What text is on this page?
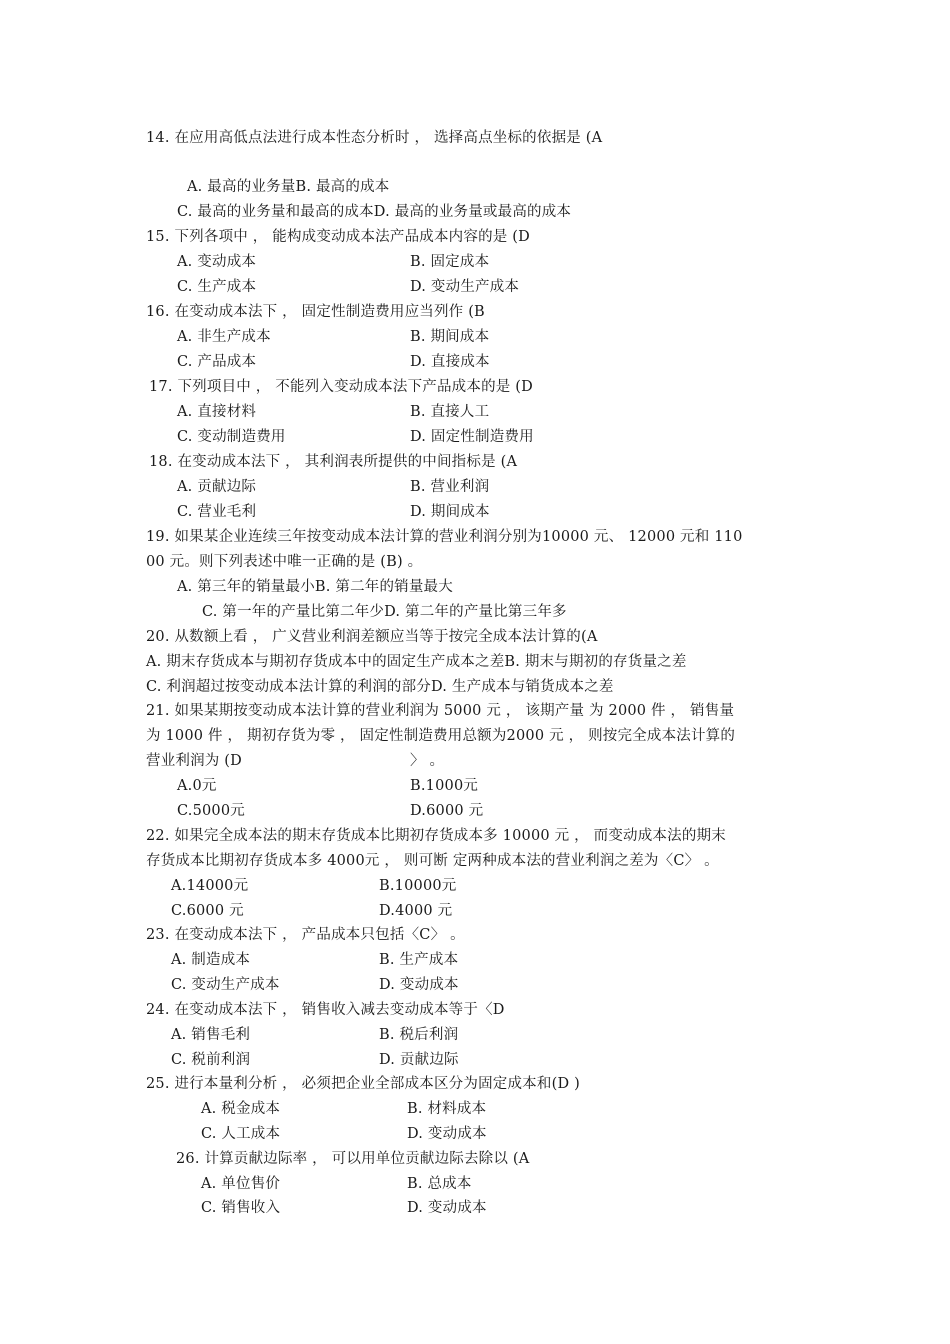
14. 在应用高低点法进行成本性态分析时 ， 选择高点坐标的依据是 (A
A. 最高的业务量B. 最高的成本
C. 最高的业务量和最高的成本D. 最高的业务量或最高的成本
15. 下列各项中 ， 能构成变动成本法产品成本内容的是 (D
A. 变动成本	B. 固定成本
C. 生产成本	D. 变动生产成本
16. 在变动成本法下 ， 固定性制造费用应当列作 (B
A. 非生产成本	B. 期间成本
C. 产品成本	D. 直接成本
17. 下列项目中 ， 不能列入变动成本法下产品成本的是 (D
A. 直接材料	B. 直接人工
C. 变动制造费用	D. 固定性制造费用
18. 在变动成本法下 ， 其利润表所提供的中间指标是 (A
A. 贡献边际	B. 营业利润
C. 营业毛利	D. 期间成本
19. 如果某企业连续三年按变动成本法计算的营业利润分别为10000 元、 12000 元和 110
00 元。则下列表述中唯一正确的是 (B) 。
A. 第三年的销量最小B. 第二年的销量最大
C. 第一年的产量比第二年少D. 第二年的产量比第三年多
20. 从数额上看 ， 广义营业利润差额应当等于按完全成本法计算的(A
A. 期末存货成本与期初存货成本中的固定生产成本之差B. 期末与期初的存货量之差
C. 利润超过按变动成本法计算的利润的部分D. 生产成本与销货成本之差
21. 如果某期按变动成本法计算的营业利润为 5000 元 ， 该期产量 为 2000 件 ， 销售量
为 1000 件 ， 期初存货为零 ， 固定性制造费用总额为2000 元 ， 则按完全成本法计算的
营业利润为 (D	〉 。
A.0元	B.1000元
C.5000元	D.6000 元
22. 如果完全成本法的期末存货成本比期初存货成本多 10000 元 ， 而变动成本法的期末
存货成本比期初存货成本多 4000元 ， 则可断 定两种成本法的营业利润之差为〈C〉 。
A.14000元	B.10000元
C.6000 元	D.4000 元
23. 在变动成本法下 ， 产品成本只包括〈C〉 。
A. 制造成本	B. 生产成本
C. 变动生产成本	D. 变动成本
24. 在变动成本法下 ， 销售收入减去变动成本等于〈D
A. 销售毛利	B. 税后利润
C. 税前利润	D. 贡献边际
25. 进行本量利分析 ， 必须把企业全部成本区分为固定成本和(D )
A. 税金成本	B. 材料成本
C. 人工成本	D. 变动成本
26. 计算贡献边际率 ， 可以用单位贡献边际去除以 (A
A. 单位售价	B. 总成本
C. 销售收入	D. 变动成本
